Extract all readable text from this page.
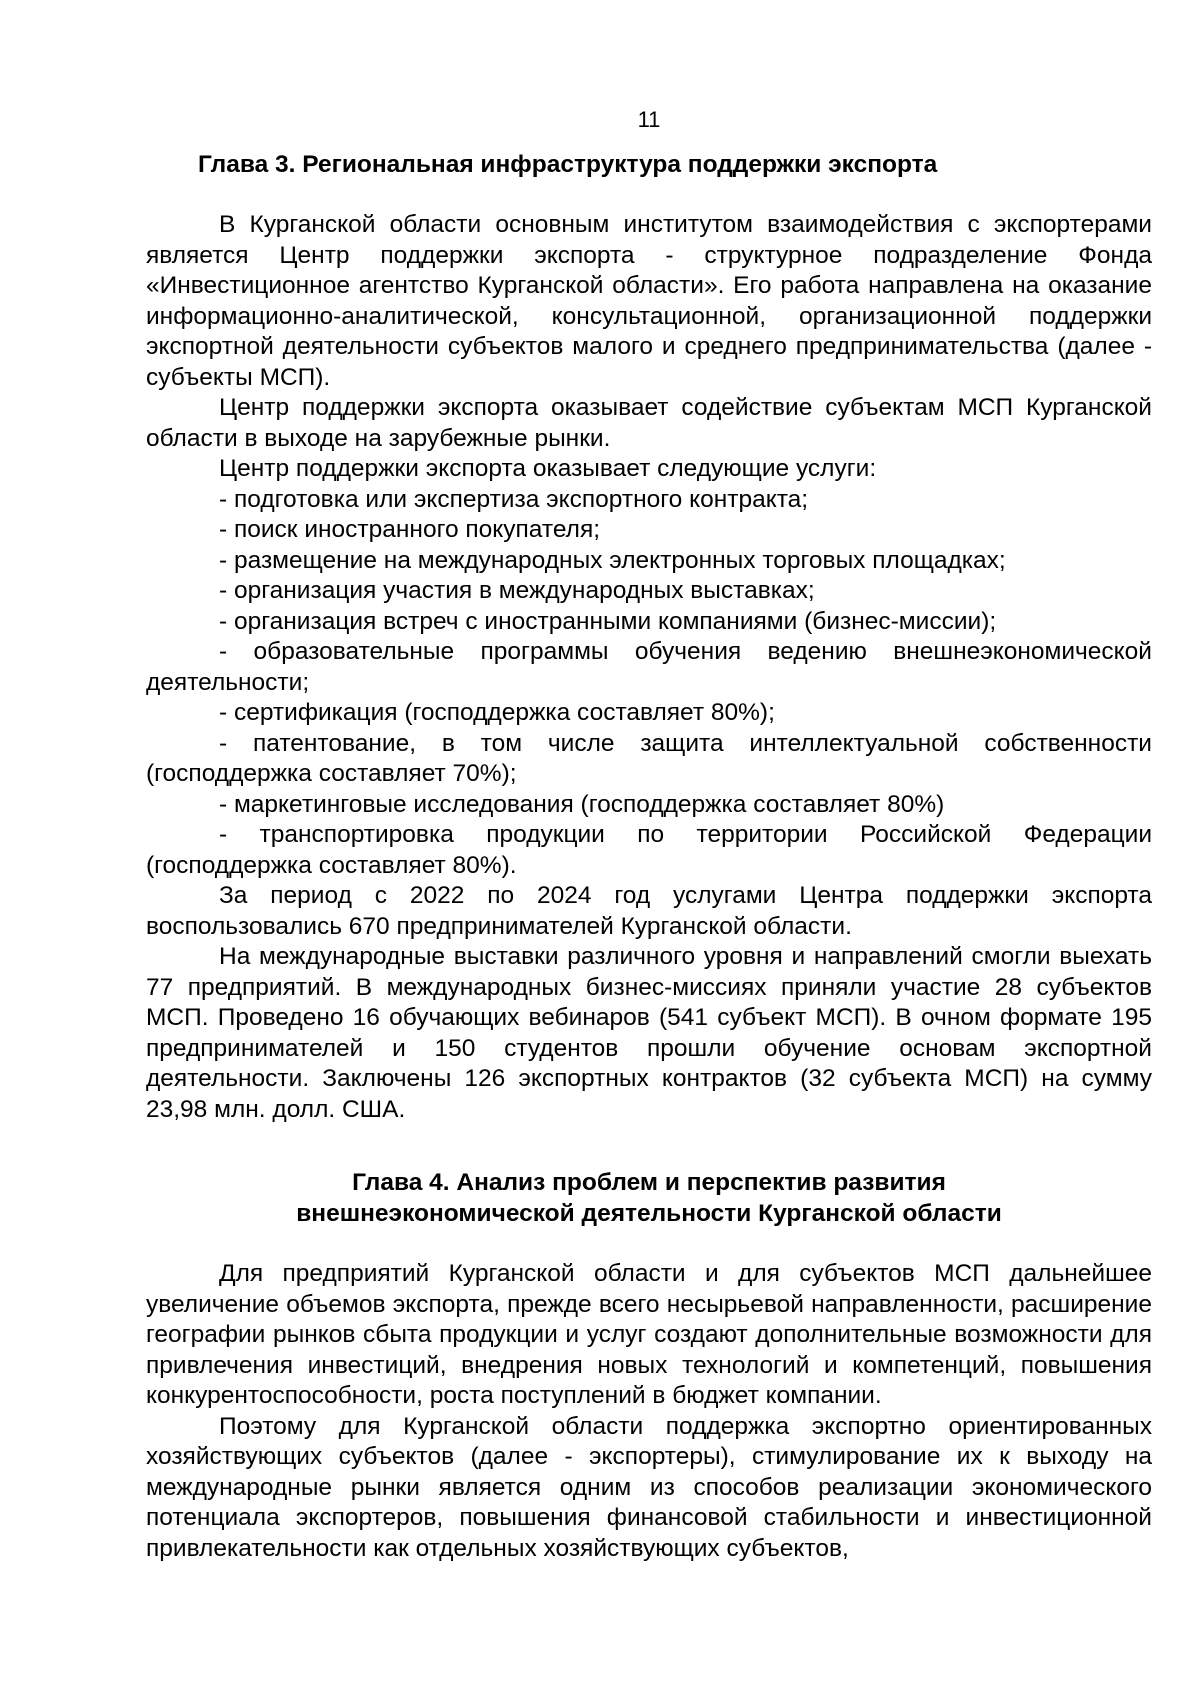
11
Глава 3. Региональная инфраструктура поддержки экспорта

В Курганской области основным институтом взаимодействия с экспортерами является Центр поддержки экспорта - структурное подразделение Фонда «Инвестиционное агентство Курганской области». Его работа направлена на оказание информационно-аналитической, консультационной, организационной поддержки экспортной деятельности субъектов малого и среднего предпринимательства (далее - субъекты МСП).

Центр поддержки экспорта оказывает содействие субъектам МСП Курганской области в выходе на зарубежные рынки.

Центр поддержки экспорта оказывает следующие услуги:

- подготовка или экспертиза экспортного контракта;

- поиск иностранного покупателя;

- размещение на международных электронных торговых площадках;

- организация участия в международных выставках;

- организация встреч с иностранными компаниями (бизнес-миссии);

- образовательные программы обучения ведению внешнеэкономической деятельности;

- сертификация (господдержка составляет 80%);

- патентование, в том числе защита интеллектуальной собственности (господдержка составляет 70%);

- маркетинговые исследования (господдержка составляет 80%)

- транспортировка продукции по территории Российской Федерации (господдержка составляет 80%).

За период с 2022 по 2024 год услугами Центра поддержки экспорта воспользовались 670 предпринимателей Курганской области.

На международные выставки различного уровня и направлений смогли выехать 77 предприятий. В международных бизнес-миссиях приняли участие 28 субъектов МСП. Проведено 16 обучающих вебинаров (541 субъект МСП). В очном формате 195 предпринимателей и 150 студентов прошли обучение основам экспортной деятельности. Заключены 126 экспортных контрактов (32 субъекта МСП) на сумму 23,98 млн. долл. США.

Глава 4. Анализ проблем и перспектив развития
внешнеэкономической деятельности Курганской области

Для предприятий Курганской области и для субъектов МСП дальнейшее увеличение объемов экспорта, прежде всего несырьевой направленности, расширение географии рынков сбыта продукции и услуг создают дополнительные возможности для привлечения инвестиций, внедрения новых технологий и компетенций, повышения конкурентоспособности, роста поступлений в бюджет компании.

Поэтому для Курганской области поддержка экспортно ориентированных хозяйствующих субъектов (далее - экспортеры), стимулирование их к выходу на международные рынки является одним из способов реализации экономического потенциала экспортеров, повышения финансовой стабильности и инвестиционной привлекательности как отдельных хозяйствующих субъектов,
